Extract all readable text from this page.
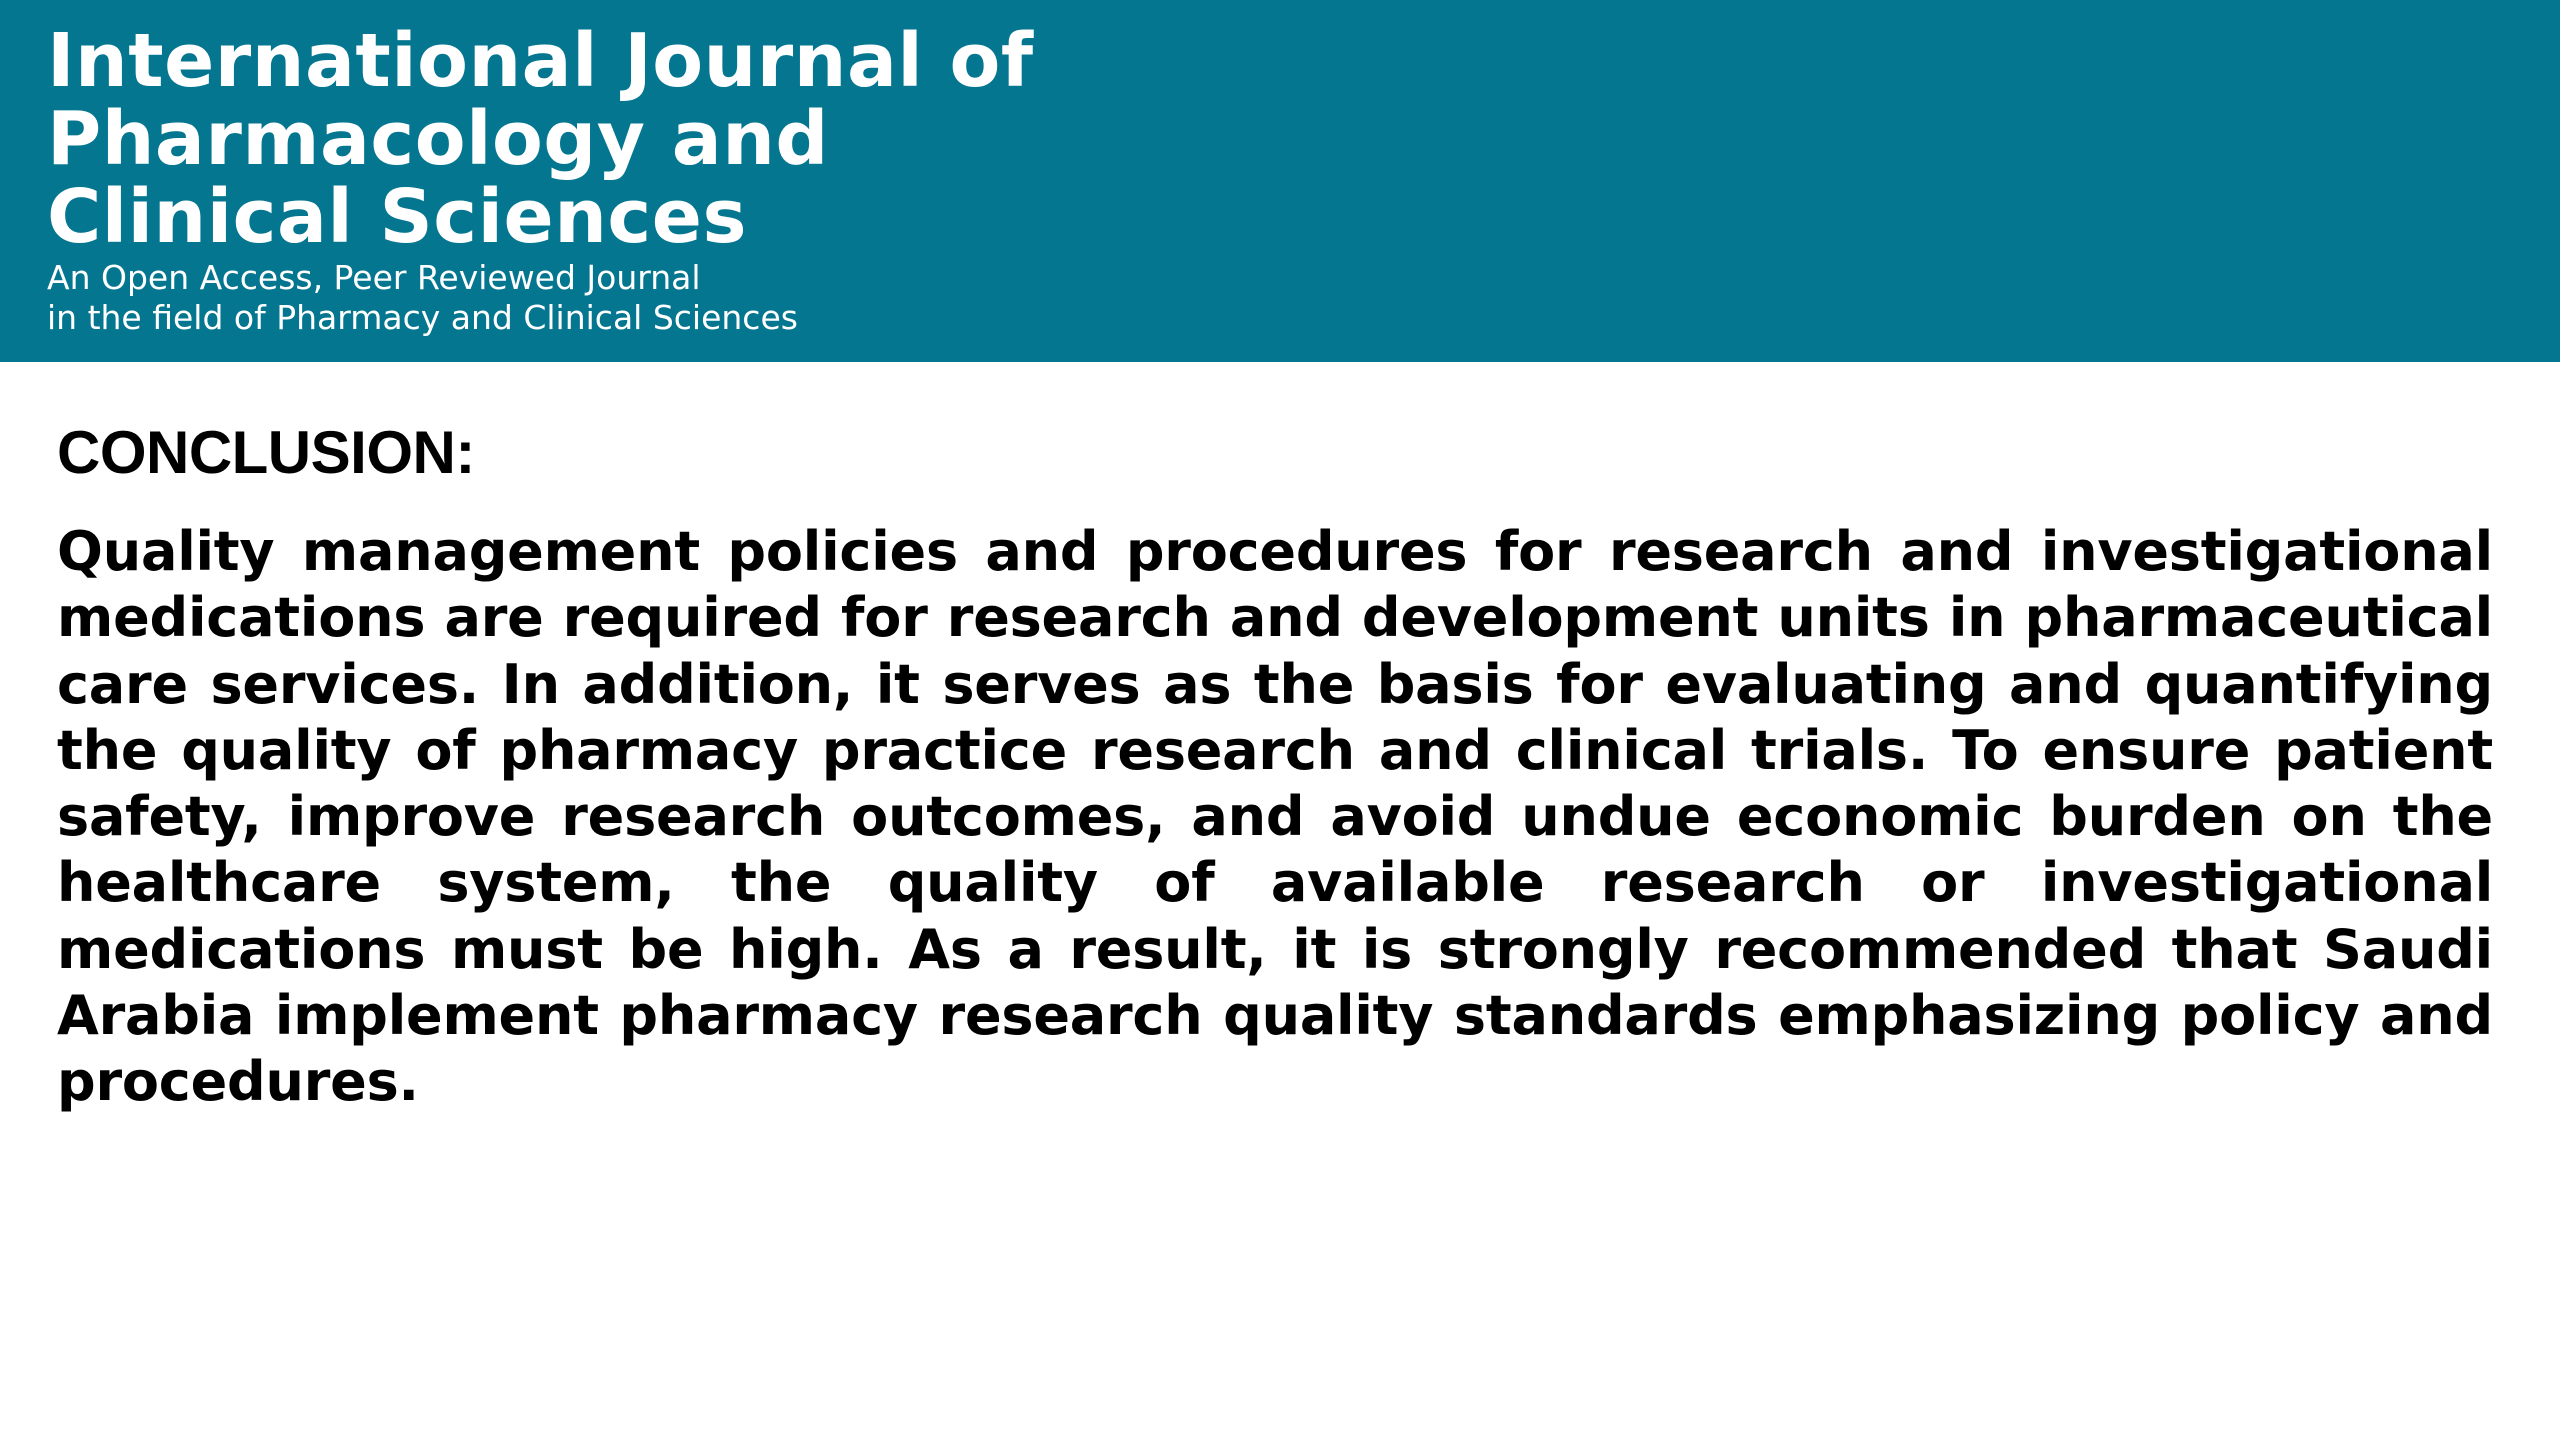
International Journal of
Pharmacology and
Clinical Sciences

An Open Access, Peer Reviewed Journal
in the field of Pharmacy and Clinical Sciences

CONCLUSION:

Quality management policies and procedures for research and investigational medications are required for research and development units in pharmaceutical care services. In addition, it serves as the basis for evaluating and quantifying the quality of pharmacy practice research and clinical trials. To ensure patient safety, improve research outcomes, and avoid undue economic burden on the healthcare system, the quality of available research or investigational medications must be high. As a result, it is strongly recommended that Saudi Arabia implement pharmacy research quality standards emphasizing policy and procedures.
